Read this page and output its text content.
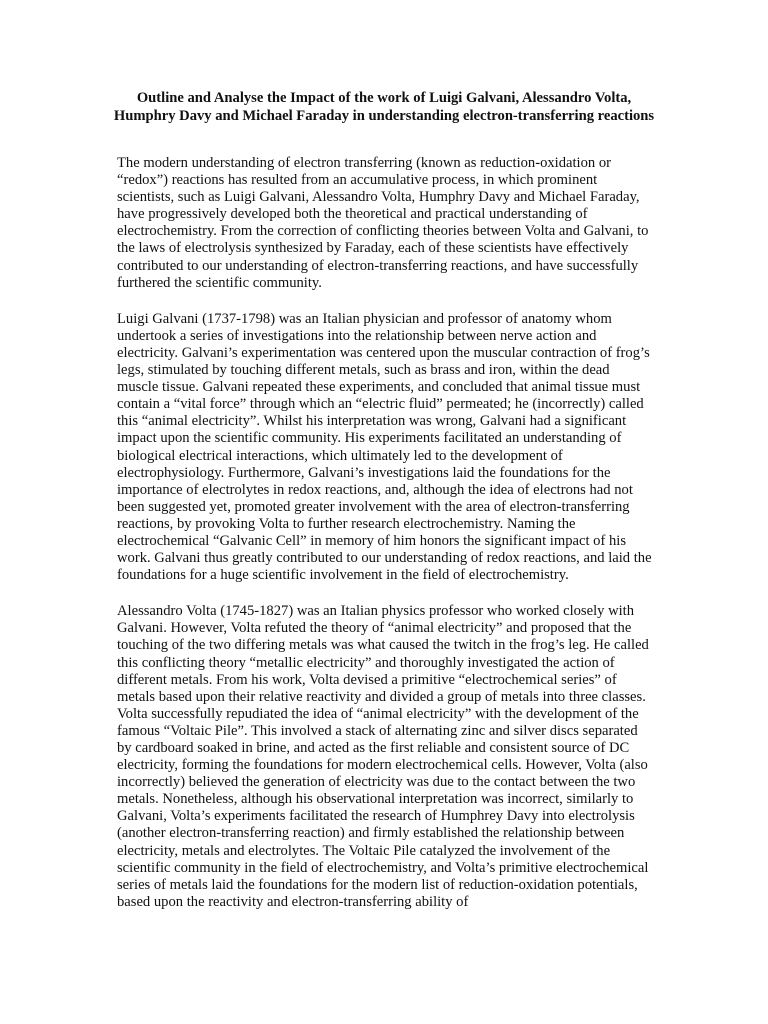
Outline and Analyse the Impact of the work of Luigi Galvani, Alessandro Volta, Humphry Davy and Michael Faraday in understanding electron-transferring reactions

The modern understanding of electron transferring (known as reduction-oxidation or “redox”) reactions has resulted from an accumulative process, in which prominent scientists, such as Luigi Galvani, Alessandro Volta, Humphry Davy and Michael Faraday, have progressively developed both the theoretical and practical understanding of electrochemistry. From the correction of conflicting theories between Volta and Galvani, to the laws of electrolysis synthesized by Faraday, each of these scientists have effectively contributed to our understanding of electron-transferring reactions, and have successfully furthered the scientific community.

Luigi Galvani (1737-1798) was an Italian physician and professor of anatomy whom undertook a series of investigations into the relationship between nerve action and electricity. Galvani’s experimentation was centered upon the muscular contraction of frog’s legs, stimulated by touching different metals, such as brass and iron, within the dead muscle tissue. Galvani repeated these experiments, and concluded that animal tissue must contain a “vital force” through which an “electric fluid” permeated; he (incorrectly) called this “animal electricity”. Whilst his interpretation was wrong, Galvani had a significant impact upon the scientific community. His experiments facilitated an understanding of biological electrical interactions, which ultimately led to the development of electrophysiology. Furthermore, Galvani’s investigations laid the foundations for the importance of electrolytes in redox reactions, and, although the idea of electrons had not been suggested yet, promoted greater involvement with the area of electron-transferring reactions, by provoking Volta to further research electrochemistry. Naming the electrochemical “Galvanic Cell” in memory of him honors the significant impact of his work. Galvani thus greatly contributed to our understanding of redox reactions, and laid the foundations for a huge scientific involvement in the field of electrochemistry.

Alessandro Volta (1745-1827) was an Italian physics professor who worked closely with Galvani. However, Volta refuted the theory of “animal electricity” and proposed that the touching of the two differing metals was what caused the twitch in the frog’s leg. He called this conflicting theory “metallic electricity” and thoroughly investigated the action of different metals. From his work, Volta devised a primitive “electrochemical series” of metals based upon their relative reactivity and divided a group of metals into three classes. Volta successfully repudiated the idea of “animal electricity” with the development of the famous “Voltaic Pile”. This involved a stack of alternating zinc and silver discs separated by cardboard soaked in brine, and acted as the first reliable and consistent source of DC electricity, forming the foundations for modern electrochemical cells. However, Volta (also incorrectly) believed the generation of electricity was due to the contact between the two metals. Nonetheless, although his observational interpretation was incorrect, similarly to Galvani, Volta’s experiments facilitated the research of Humphrey Davy into electrolysis (another electron-transferring reaction) and firmly established the relationship between electricity, metals and electrolytes. The Voltaic Pile catalyzed the involvement of the scientific community in the field of electrochemistry, and Volta’s primitive electrochemical series of metals laid the foundations for the modern list of reduction-oxidation potentials, based upon the reactivity and electron-transferring ability of
